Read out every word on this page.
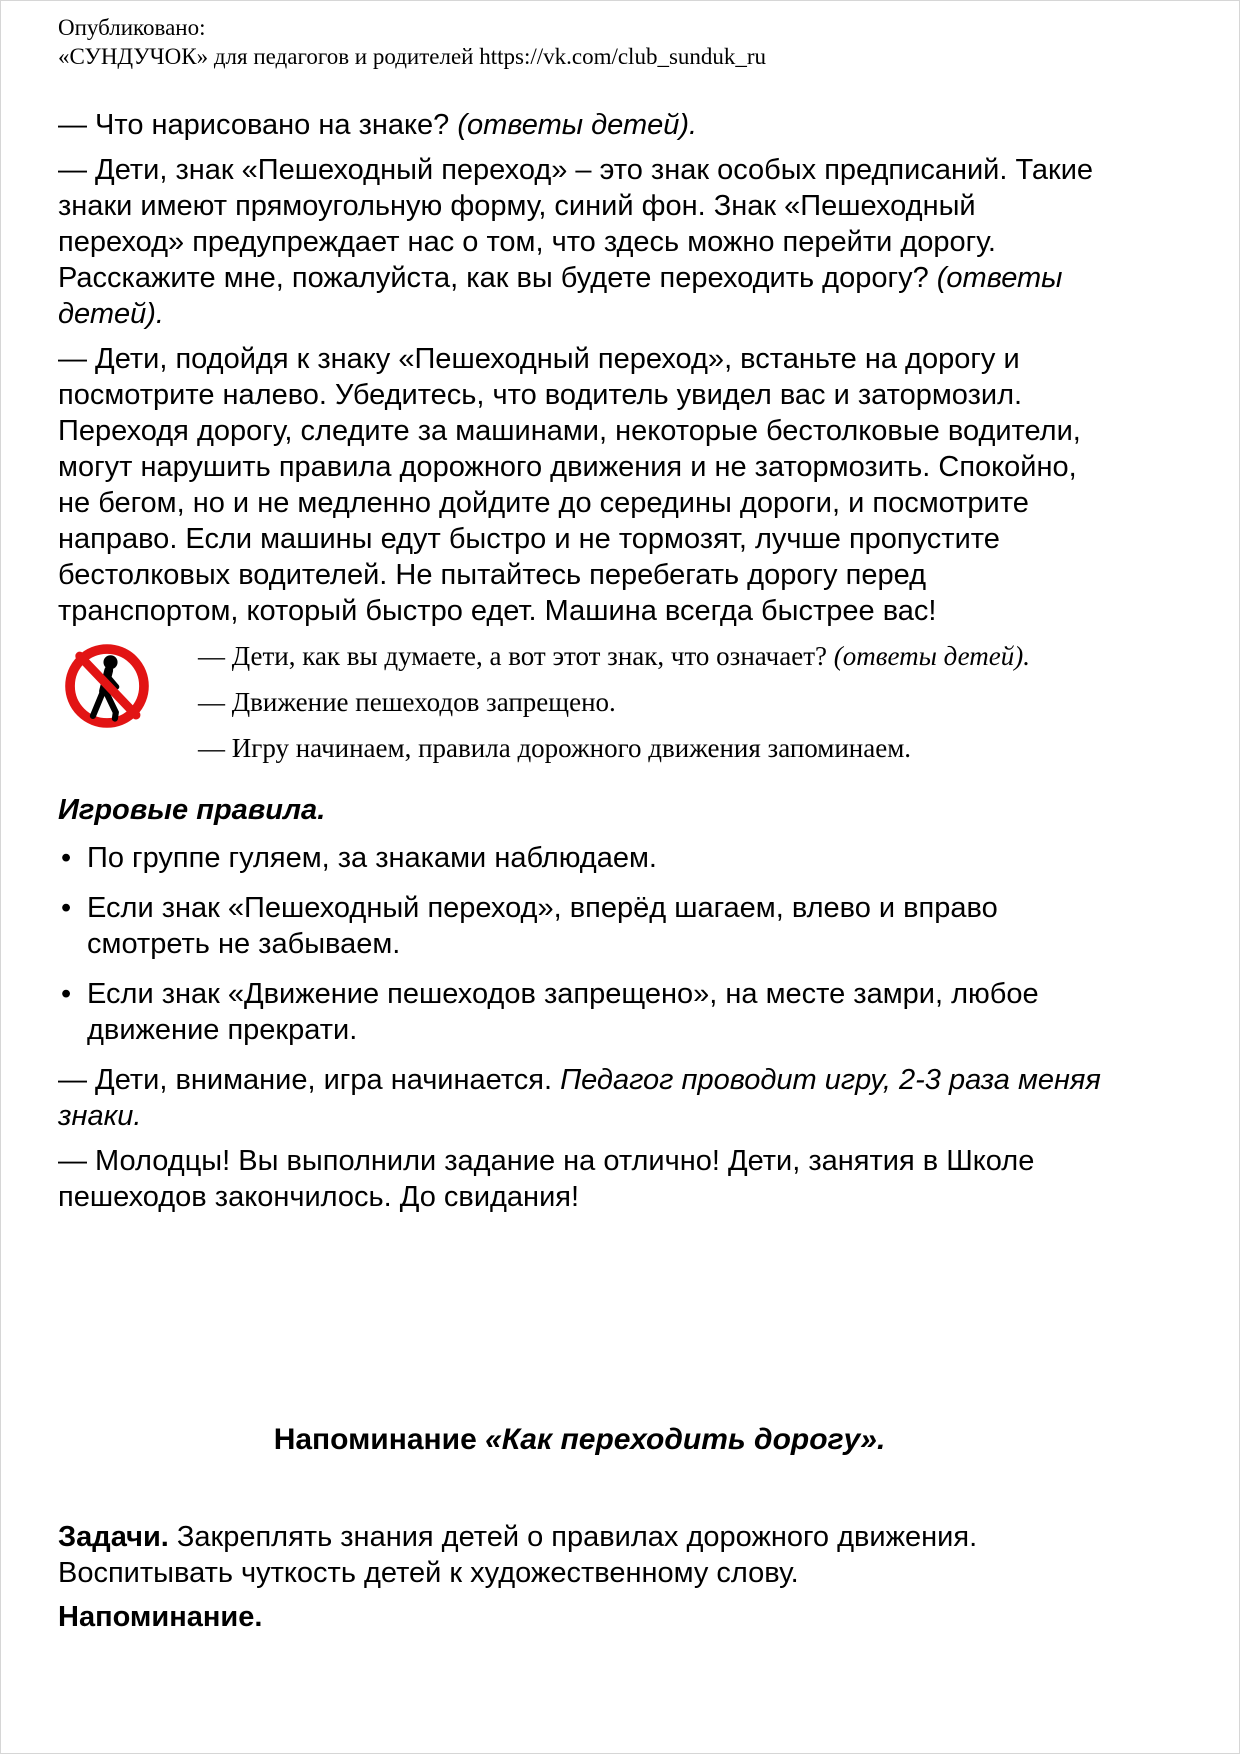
Опубликовано:
«СУНДУЧОК» для педагогов и родителей https://vk.com/club_sunduk_ru

— Что нарисовано на знаке? (ответы детей).

— Дети, знак «Пешеходный переход» – это знак особых предписаний. Такие знаки имеют прямоугольную форму, синий фон. Знак «Пешеходный переход» предупреждает нас о том, что здесь можно перейти дорогу. Расскажите мне, пожалуйста, как вы будете переходить дорогу? (ответы детей).

— Дети, подойдя к знаку «Пешеходный переход», встаньте на дорогу и посмотрите налево. Убедитесь, что водитель увидел вас и затормозил. Переходя дорогу, следите за машинами, некоторые бестолковые водители, могут нарушить правила дорожного движения и не затормозить. Спокойно, не бегом, но и не медленно дойдите до середины дороги, и посмотрите направо. Если машины едут быстро и не тормозят, лучше пропустите бестолковых водителей. Не пытайтесь перебегать дорогу перед транспортом, который быстро едет. Машина всегда быстрее вас!

— Дети, как вы думаете, а вот этот знак, что означает? (ответы детей).

— Движение пешеходов запрещено.

— Игру начинаем, правила дорожного движения запоминаем.

Игровые правила.

• По группе гуляем, за знаками наблюдаем.
• Если знак «Пешеходный переход», вперёд шагаем, влево и вправо смотреть не забываем.
• Если знак «Движение пешеходов запрещено», на месте замри, любое движение прекрати.

— Дети, внимание, игра начинается. Педагог проводит игру, 2-3 раза меняя знаки.

— Молодцы! Вы выполнили задание на отлично! Дети, занятия в Школе пешеходов закончилось. До свидания!

Напоминание «Как переходить дорогу».

Задачи. Закреплять знания детей о правилах дорожного движения. Воспитывать чуткость детей к художественному слову.

Напоминание.
